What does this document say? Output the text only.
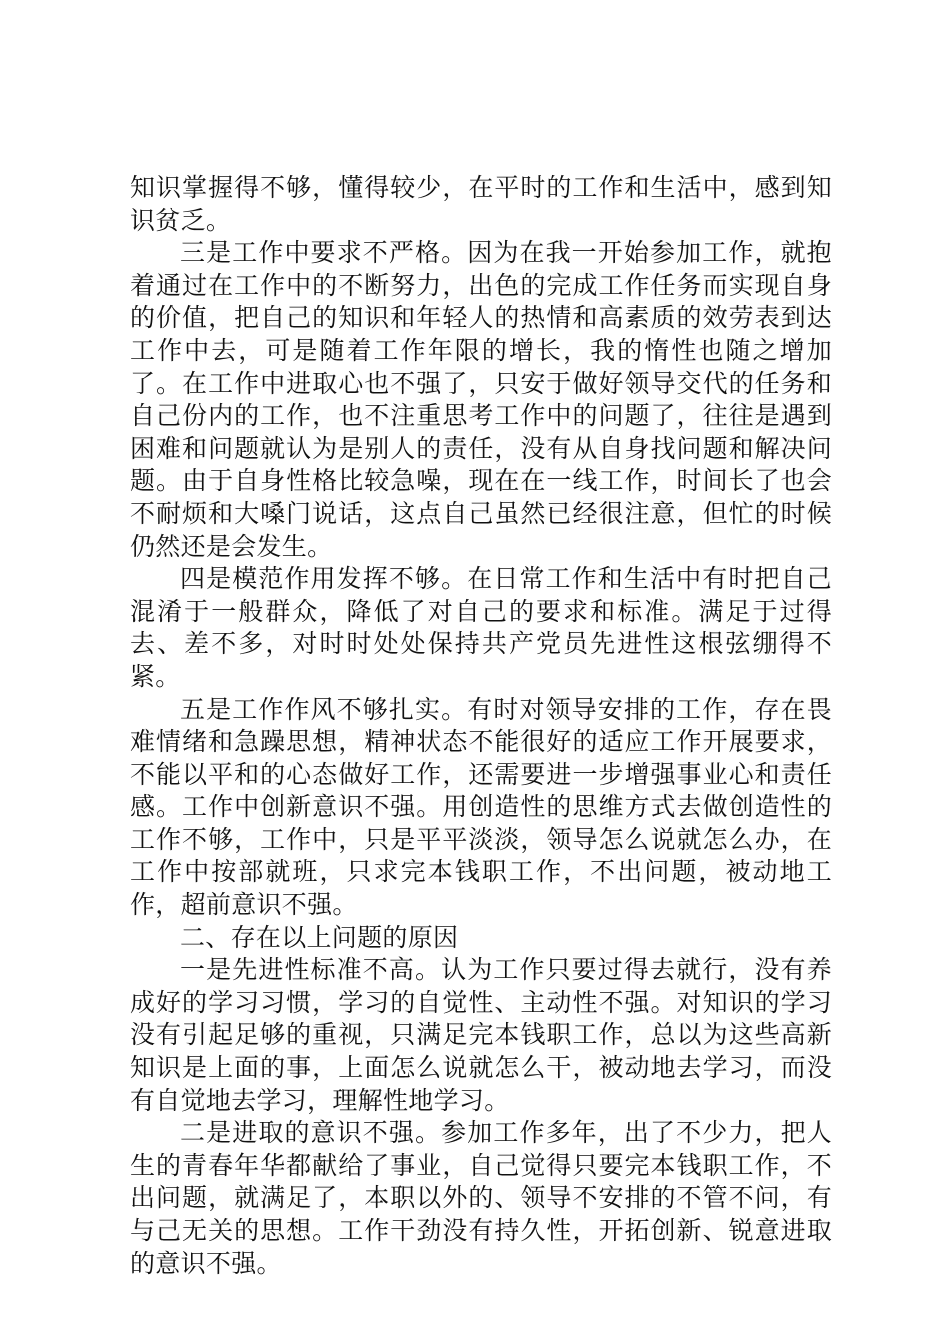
知识掌握得不够，懂得较少，在平时的工作和生活中，感到知识贫乏。

三是工作中要求不严格。因为在我一开始参加工作，就抱着通过在工作中的不断努力，出色的完成工作任务而实现自身的价值，把自己的知识和年轻人的热情和高素质的效劳表到达工作中去，可是随着工作年限的增长，我的惰性也随之增加了。在工作中进取心也不强了，只安于做好领导交代的任务和自己份内的工作，也不注重思考工作中的问题了，往往是遇到困难和问题就认为是别人的责任，没有从自身找问题和解决问题。由于自身性格比较急噪，现在在一线工作，时间长了也会不耐烦和大嗓门说话，这点自己虽然已经很注意，但忙的时候仍然还是会发生。

四是模范作用发挥不够。在日常工作和生活中有时把自己混淆于一般群众，降低了对自己的要求和标准。满足于过得去、差不多，对时时处处保持共产党员先进性这根弦绷得不紧。

五是工作作风不够扎实。有时对领导安排的工作，存在畏难情绪和急躁思想，精神状态不能很好的适应工作开展要求，不能以平和的心态做好工作，还需要进一步增强事业心和责任感。工作中创新意识不强。用创造性的思维方式去做创造性的工作不够，工作中，只是平平淡淡，领导怎么说就怎么办，在工作中按部就班，只求完本钱职工作，不出问题，被动地工作，超前意识不强。

二、存在以上问题的原因

一是先进性标准不高。认为工作只要过得去就行，没有养成好的学习习惯，学习的自觉性、主动性不强。对知识的学习没有引起足够的重视，只满足完本钱职工作，总以为这些高新知识是上面的事，上面怎么说就怎么干，被动地去学习，而没有自觉地去学习，理解性地学习。

二是进取的意识不强。参加工作多年，出了不少力，把人生的青春年华都献给了事业，自己觉得只要完本钱职工作，不出问题，就满足了，本职以外的、领导不安排的不管不问，有与己无关的思想。工作干劲没有持久性，开拓创新、锐意进取的意识不强。
